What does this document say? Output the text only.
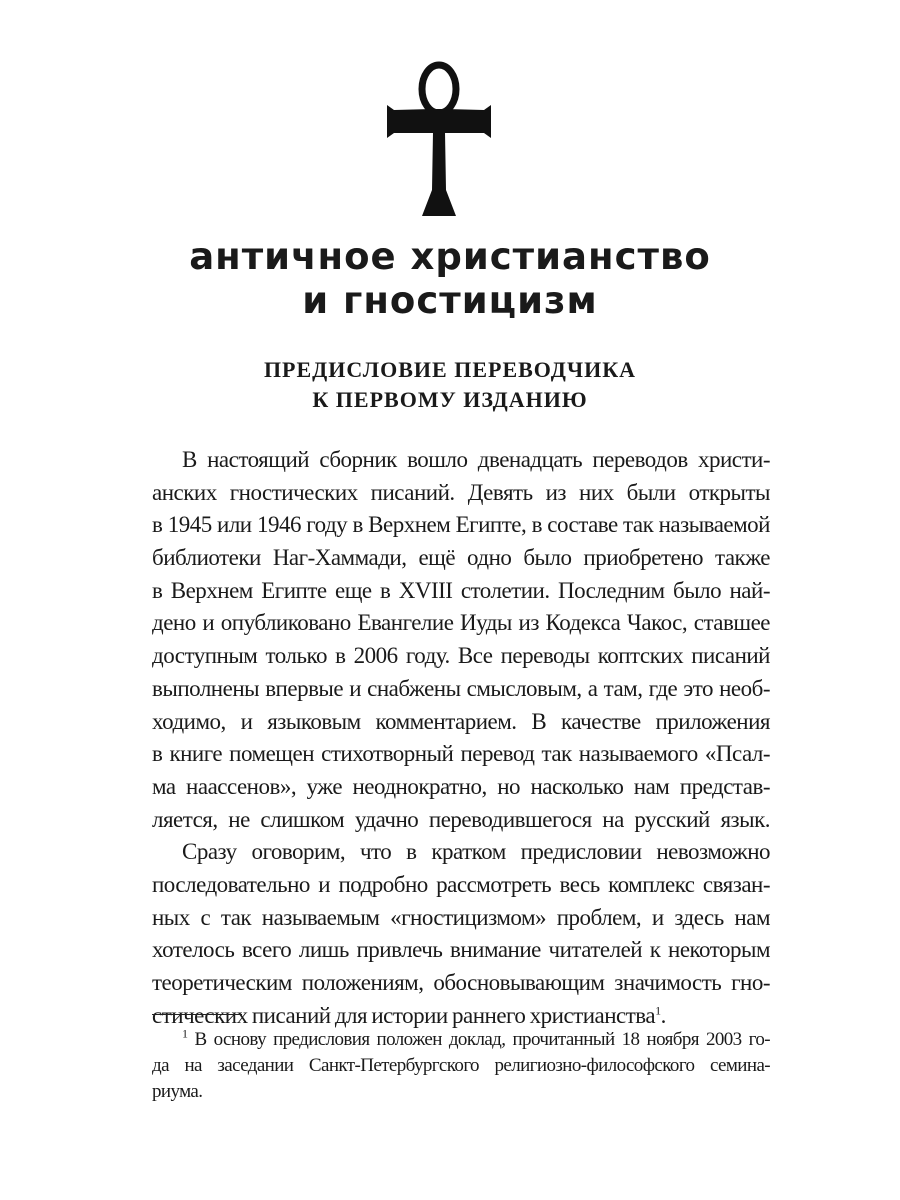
античное христианство
и гностицизм
ПРЕДИСЛОВИЕ ПЕРЕВОДЧИКА
К ПЕРВОМУ ИЗДАНИЮ
В настоящий сборник вошло двенадцать переводов христи-
анских гностических писаний. Девять из них были открыты
в 1945 или 1946 году в Верхнем Египте, в составе так называемой
библиотеки Наг-Хаммади, ещё одно было приобретено также
в Верхнем Египте еще в XVIII столетии. Последним было най-
дено и опубликовано Евангелие Иуды из Кодекса Чакос, ставшее
доступным только в 2006 году. Все переводы коптских писаний
выполнены впервые и снабжены смысловым, а там, где это необ-
ходимо, и языковым комментарием. В качестве приложения
в книге помещен стихотворный перевод так называемого «Псал-
ма наассенов», уже неоднократно, но насколько нам представ-
ляется, не слишком удачно переводившегося на русский язык.
Сразу оговорим, что в кратком предисловии невозможно
последовательно и подробно рассмотреть весь комплекс связан-
ных с так называемым «гностицизмом» проблем, и здесь нам
хотелось всего лишь привлечь внимание читателей к некоторым
теоретическим положениям, обосновывающим значимость гно-
стических писаний для истории раннего христианства$^1$.
$^1$ В основу предисловия положен доклад, прочитанный 18 ноября 2003 го-
да на заседании Санкт-Петербургского религиозно-философского семина-
риума.
